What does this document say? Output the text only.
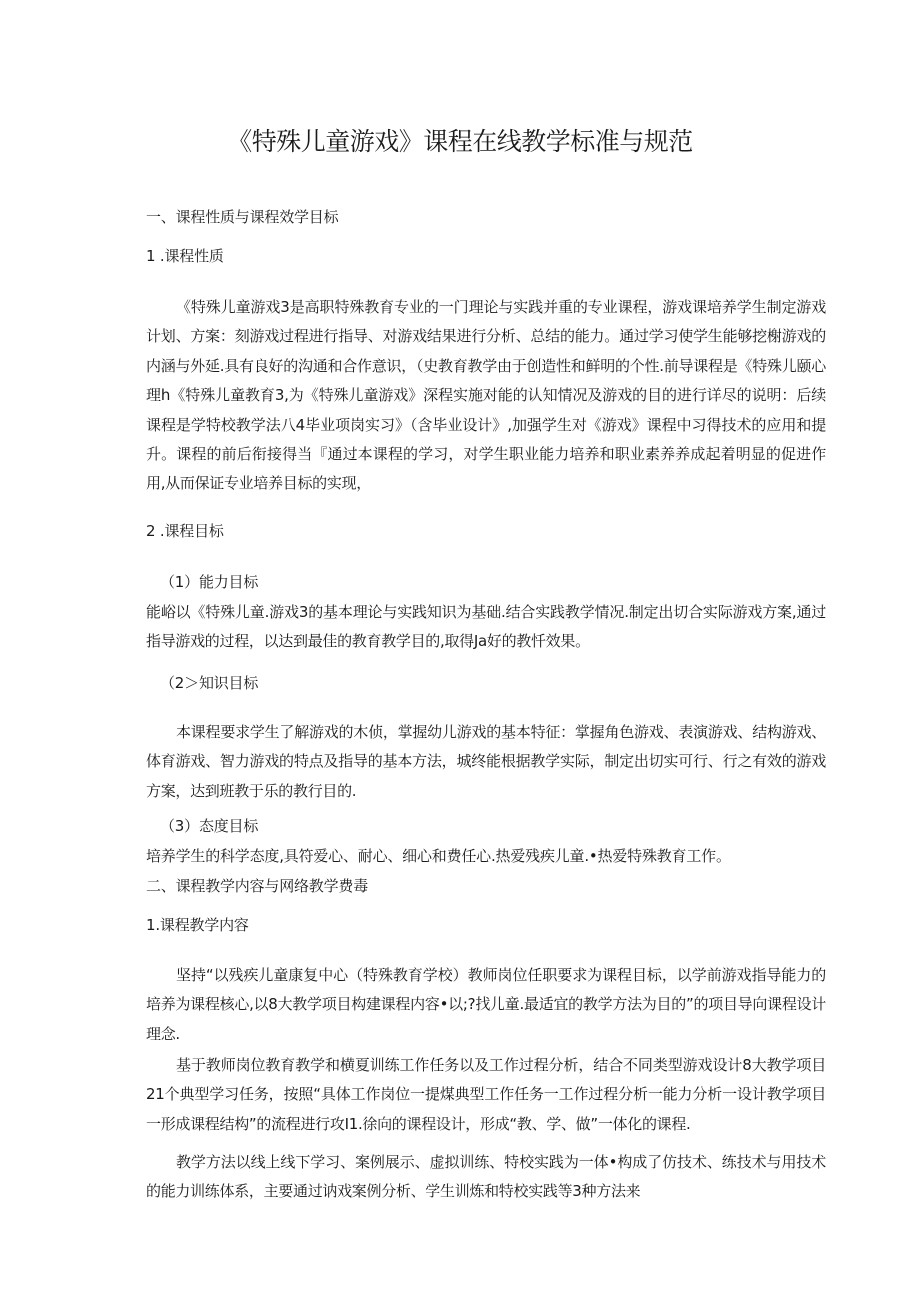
《特殊儿童游戏》课程在线教学标准与规范
一、课程性质与课程效学目标
1 .课程性质

《特殊儿童游戏3是高职特殊教育专业的一门理论与实践并重的专业课程，游戏课培养学生制定游戏计划、方案：刻游戏过程进行指导、对游戏结果进行分析、总结的能力。通过学习使学生能够挖榭游戏的内涵与外延.具有良好的沟通和合作意识，（史教育教学由于创造性和鲜明的个性.前导课程是《特殊儿颐心理h《特殊儿童教育3,为《特殊儿童游戏》深程实施对能的认知情况及游戏的目的进行详尽的说明：后续课程是学特校教学法八4毕业项岗实习》（含毕业设计》,加强学生对《游戏》课程中习得技术的应用和提升。课程的前后衔接得当『通过本课程的学习，对学生职业能力培养和职业素养养成起着明显的促进作用,从而保证专业培养目标的实现，

2 .课程目标
（1）能力目标

能峪以《特殊儿童.游戏3的基本理论与实践知识为基础.结合实践教学情况.制定出切合实际游戏方案,通过指导游戏的过程，以达到最佳的教育教学目的,取得Ja好的教忏效果。

（2＞知识目标

本课程要求学生了解游戏的木侦，掌握幼儿游戏的基本特征：掌握角色游戏、表演游戏、结构游戏、体育游戏、智力游戏的特点及指导的基本方法，城终能根据教学实际，制定出切实可行、行之有效的游戏方案，达到班教于乐的教行目的.

（3）态度目标
培养学生的科学态度,具符爱心、耐心、细心和费任心.热爱残疾儿童.•热爱特殊教育工作。
二、课程教学内容与网络教学费毒
1.课程教学内容

坚持“以残疾儿童康复中心（特殊教育学校）教师岗位任职要求为课程目标，以学前游戏指导能力的培养为课程核心,以8大教学项目构建课程内容•以;?找儿童.最适宜的教学方法为目的”的项目导向课程设计理念.

基于教师岗位教育教学和横夏训练工作任务以及工作过程分析，结合不同类型游戏设计8大教学项目21个典型学习任务，按照“具体工作岗位一提煤典型工作任务一工作过程分析一能力分析一设计教学项目一形成课程结构”的流程进行攻I1.徐向的课程设计，形成“教、学、做”一体化的课程.

教学方法以线上线下学习、案例展示、虚拟训练、特校实践为一体•构成了仿技术、练技术与用技术的能力训练体系，主要通过讷戏案例分析、学生训炼和特校实践等3种方法来
